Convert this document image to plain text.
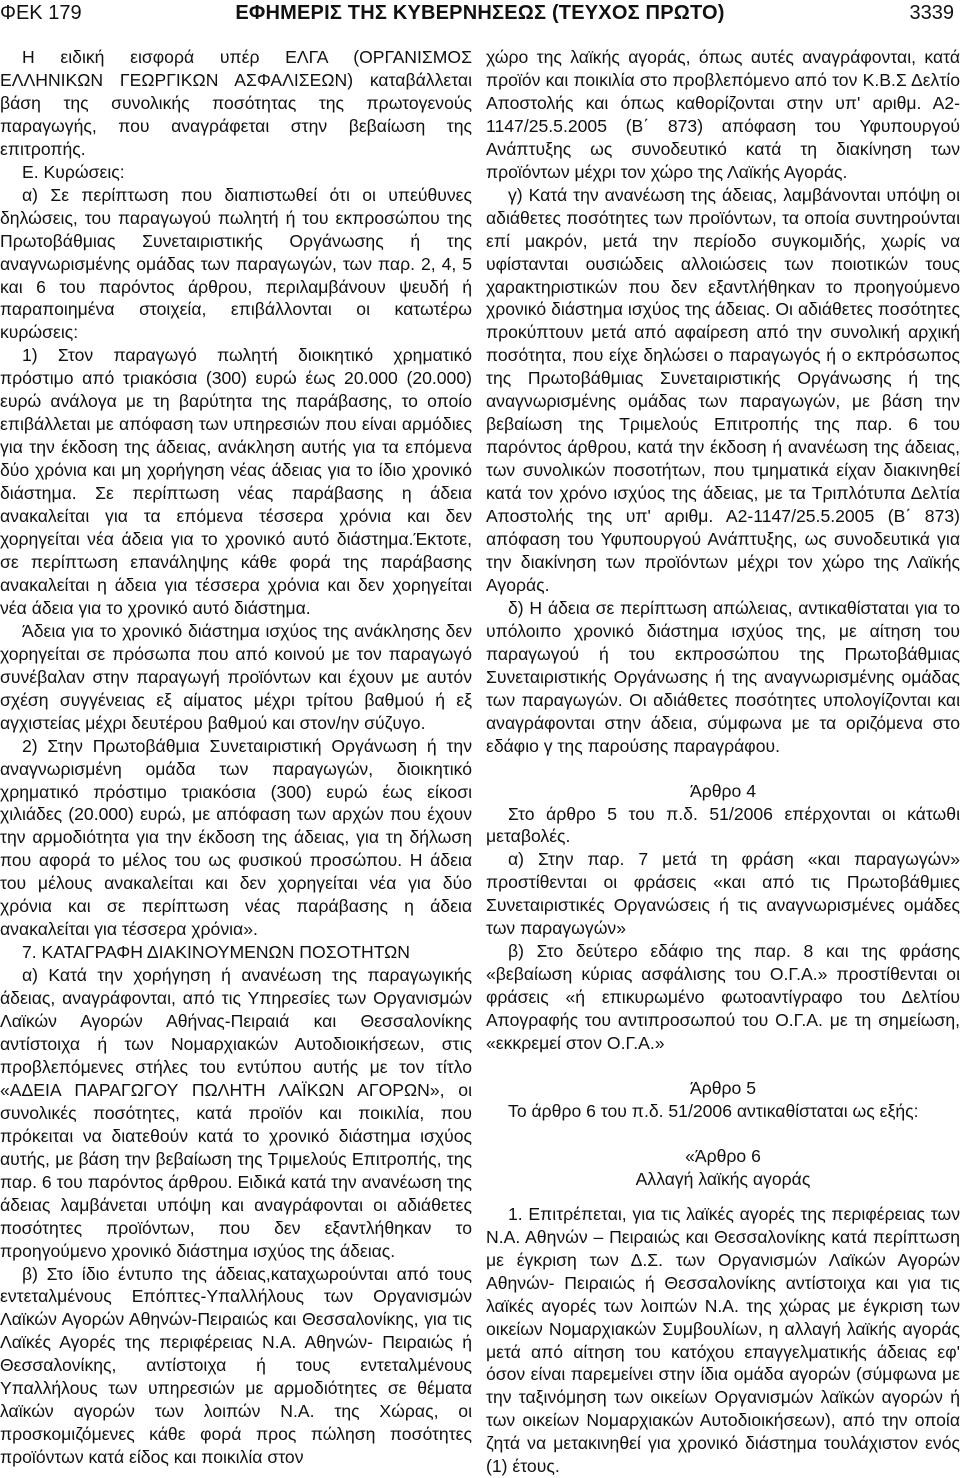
ΦΕΚ 179	ΕΦΗΜΕΡΙΣ ΤΗΣ ΚΥΒΕΡΝΗΣΕΩΣ (ΤΕΥΧΟΣ ΠΡΩΤΟ)	3339

Η ειδική εισφορά υπέρ ΕΛΓΑ (ΟΡΓΑΝΙΣΜΟΣ ΕΛΛΗΝΙΚΩΝ ΓΕΩΡΓΙΚΩΝ ΑΣΦΑΛΙΣΕΩΝ) καταβάλλεται βάση της συνολικής ποσότητας της πρωτογενούς παραγωγής, που αναγράφεται στην βεβαίωση της επιτροπής.

Ε. Κυρώσεις:

α) Σε περίπτωση που διαπιστωθεί ότι οι υπεύθυνες δηλώσεις, του παραγωγού πωλητή ή του εκπροσώπου της Πρωτοβάθμιας Συνεταιριστικής Οργάνωσης ή της αναγνωρισμένης ομάδας των παραγωγών, των παρ. 2, 4, 5 και 6 του παρόντος άρθρου, περιλαμβάνουν ψευδή ή παραποιημένα στοιχεία, επιβάλλονται οι κατωτέρω κυρώσεις:

1) Στον παραγωγό πωλητή διοικητικό χρηματικό πρόστιμο από τριακόσια (300) ευρώ έως 20.000 (20.000) ευρώ ανάλογα με τη βαρύτητα της παράβασης, το οποίο επιβάλλεται με απόφαση των υπηρεσιών που είναι αρμόδιες για την έκδοση της άδειας, ανάκληση αυτής για τα επόμενα δύο χρόνια και μη χορήγηση νέας άδειας για το ίδιο χρονικό διάστημα. Σε περίπτωση νέας παράβασης η άδεια ανακαλείται για τα επόμενα τέσσερα χρόνια και δεν χορηγείται νέα άδεια για το χρονικό αυτό διάστημα.Έκτοτε, σε περίπτωση επανάληψης κάθε φορά της παράβασης ανακαλείται η άδεια για τέσσερα χρόνια και δεν χορηγείται νέα άδεια για το χρονικό αυτό διάστημα.

Άδεια για το χρονικό διάστημα ισχύος της ανάκλησης δεν χορηγείται σε πρόσωπα που από κοινού με τον παραγωγό συνέβαλαν στην παραγωγή προϊόντων και έχουν με αυτόν σχέση συγγένειας εξ αίματος μέχρι τρίτου βαθμού ή εξ αγχιστείας μέχρι δευτέρου βαθμού και στον/ην σύζυγο.

2) Στην Πρωτοβάθμια Συνεταιριστική Οργάνωση ή την αναγνωρισμένη ομάδα των παραγωγών, διοικητικό χρηματικό πρόστιμο τριακόσια (300) ευρώ έως είκοσι χιλιάδες (20.000) ευρώ, με απόφαση των αρχών που έχουν την αρμοδιότητα για την έκδοση της άδειας, για τη δήλωση που αφορά το μέλος του ως φυσικού προσώπου. Η άδεια του μέλους ανακαλείται και δεν χορηγείται νέα για δύο χρόνια και σε περίπτωση νέας παράβασης η άδεια ανακαλείται για τέσσερα χρόνια».

7. ΚΑΤΑΓΡΑΦΗ ΔΙΑΚΙΝΟΥΜΕΝΩΝ ΠΟΣΟΤΗΤΩΝ

α) Κατά την χορήγηση ή ανανέωση της παραγωγικής άδειας, αναγράφονται, από τις Υπηρεσίες των Οργανισμών Λαϊκών Αγορών Αθήνας-Πειραιά και Θεσσαλονίκης αντίστοιχα ή των Νομαρχιακών Αυτοδιοικήσεων, στις προβλεπόμενες στήλες του εντύπου αυτής με τον τίτλο «ΑΔΕΙΑ ΠΑΡΑΓΩΓΟΥ ΠΩΛΗΤΗ ΛΑΪΚΩΝ ΑΓΟΡΩΝ», οι συνολικές ποσότητες, κατά προϊόν και ποικιλία, που πρόκειται να διατεθούν κατά το χρονικό διάστημα ισχύος αυτής, με βάση την βεβαίωση της Τριμελούς Επιτροπής, της παρ. 6 του παρόντος άρθρου. Ειδικά κατά την ανανέωση της άδειας λαμβάνεται υπόψη και αναγράφονται οι αδιάθετες ποσότητες προϊόντων, που δεν εξαντλήθηκαν το προηγούμενο χρονικό διάστημα ισχύος της άδειας.

β) Στο ίδιο έντυπο της άδειας,καταχωρούνται από τους εντεταλμένους Επόπτες-Υπαλλήλους των Οργανισμών Λαϊκών Αγορών Αθηνών-Πειραιώς και Θεσσαλονίκης, για τις Λαϊκές Αγορές της περιφέρειας Ν.Α. Αθηνών- Πειραιώς ή Θεσσαλονίκης, αντίστοιχα ή τους εντεταλμένους Υπαλλήλους των υπηρεσιών με αρμοδιότητες σε θέματα λαϊκών αγορών των λοιπών Ν.Α. της Χώρας, οι προσκομιζόμενες κάθε φορά προς πώληση ποσότητες προϊόντων κατά είδος και ποικιλία στον

χώρο της λαϊκής αγοράς, όπως αυτές αναγράφονται, κατά προϊόν και ποικιλία στο προβλεπόμενο από τον Κ.Β.Σ Δελτίο Αποστολής και όπως καθορίζονται στην υπ' αριθμ. Α2-1147/25.5.2005 (Β΄ 873) απόφαση του Υφυπουργού Ανάπτυξης ως συνοδευτικό κατά τη διακίνηση των προϊόντων μέχρι τον χώρο της Λαϊκής Αγοράς.

γ) Κατά την ανανέωση της άδειας, λαμβάνονται υπόψη οι αδιάθετες ποσότητες των προϊόντων, τα οποία συντηρούνται επί μακρόν, μετά την περίοδο συγκομιδής, χωρίς να υφίστανται ουσιώδεις αλλοιώσεις των ποιοτικών τους χαρακτηριστικών που δεν εξαντλήθηκαν το προηγούμενο χρονικό διάστημα ισχύος της άδειας. Οι αδιάθετες ποσότητες προκύπτουν μετά από αφαίρεση από την συνολική αρχική ποσότητα, που είχε δηλώσει ο παραγωγός ή ο εκπρόσωπος της Πρωτοβάθμιας Συνεταιριστικής Οργάνωσης ή της αναγνωρισμένης ομάδας των παραγωγών, με βάση την βεβαίωση της Τριμελούς Επιτροπής της παρ. 6 του παρόντος άρθρου, κατά την έκδοση ή ανανέωση της άδειας, των συνολικών ποσοτήτων, που τμηματικά είχαν διακινηθεί κατά τον χρόνο ισχύος της άδειας, με τα Τριπλότυπα Δελτία Αποστολής της υπ' αριθμ. Α2-1147/25.5.2005 (Β΄ 873) απόφαση του Υφυπουργού Ανάπτυξης, ως συνοδευτικά για την διακίνηση των προϊόντων μέχρι τον χώρο της Λαϊκής Αγοράς.

δ) Η άδεια σε περίπτωση απώλειας, αντικαθίσταται για το υπόλοιπο χρονικό διάστημα ισχύος της, με αίτηση του παραγωγού ή του εκπροσώπου της Πρωτοβάθμιας Συνεταιριστικής Οργάνωσης ή της αναγνωρισμένης ομάδας των παραγωγών. Οι αδιάθετες ποσότητες υπολογίζονται και αναγράφονται στην άδεια, σύμφωνα με τα οριζόμενα στο εδάφιο γ της παρούσης παραγράφου.

Άρθρο 4

Στο άρθρο 5 του π.δ. 51/2006 επέρχονται οι κάτωθι μεταβολές.

α) Στην παρ. 7 μετά τη φράση «και παραγωγών» προστίθενται οι φράσεις «και από τις Πρωτοβάθμιες Συνεταιριστικές Οργανώσεις ή τις αναγνωρισμένες ομάδες των παραγωγών»

β) Στο δεύτερο εδάφιο της παρ. 8 και της φράσης «βεβαίωση κύριας ασφάλισης του Ο.Γ.Α.» προστίθενται οι φράσεις «ή επικυρωμένο φωτοαντίγραφο του Δελτίου Απογραφής του αντιπροσωπού του Ο.Γ.Α. με τη σημείωση, «εκκρεμεί στον Ο.Γ.Α.»

Άρθρο 5

Το άρθρο 6 του π.δ. 51/2006 αντικαθίσταται ως εξής:

«Άρθρο 6

Αλλαγή λαϊκής αγοράς

1. Επιτρέπεται, για τις λαϊκές αγορές της περιφέρειας των Ν.Α. Αθηνών – Πειραιώς και Θεσσαλονίκης κατά περίπτωση με έγκριση των Δ.Σ. των Οργανισμών Λαϊκών Αγορών Αθηνών- Πειραιώς ή Θεσσαλονίκης αντίστοιχα και για τις λαϊκές αγορές των λοιπών Ν.Α. της χώρας με έγκριση των οικείων Νομαρχιακών Συμβουλίων, η αλλαγή λαϊκής αγοράς μετά από αίτηση του κατόχου επαγγελματικής άδειας εφ' όσον είναι παρεμείνει στην ίδια ομάδα αγορών (σύμφωνα με την ταξινόμηση των οικείων Οργανισμών λαϊκών αγορών ή των οικείων Νομαρχιακών Αυτοδιοικήσεων), από την οποία ζητά να μετακινηθεί για χρονικό διάστημα τουλάχιστον ενός (1) έτους.
